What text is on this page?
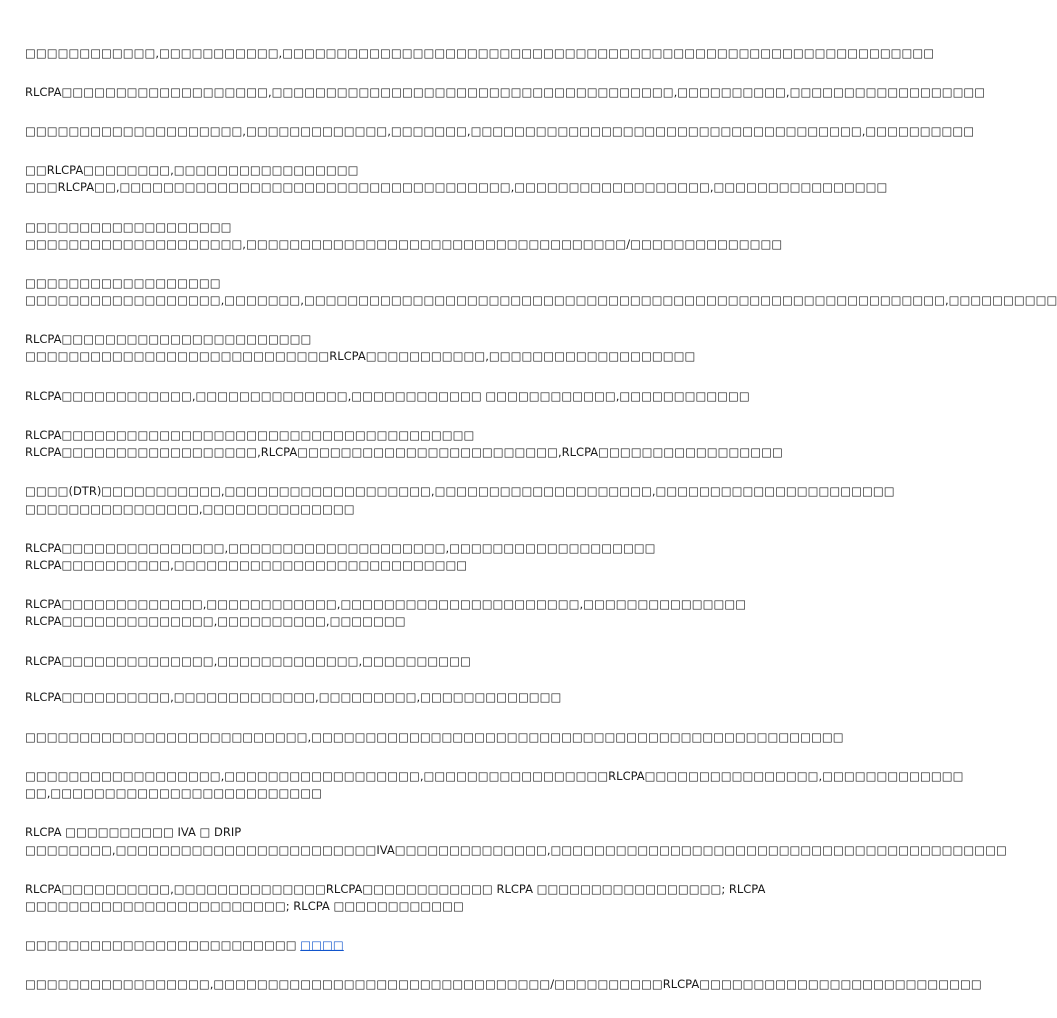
□□□□□□□□□□□□,□□□□□□□□□□□,□□□□□□□□□□□□□□□□□□□□□□□□□□□□□□□□□□□□□□□□□□□□□□□□□□□□□□□□□□□□
RLCPA□□□□□□□□□□□□□□□□□□□,□□□□□□□□□□□□□□□□□□□□□□□□□□□□□□□□□□□□□,□□□□□□□□□□,□□□□□□□□□□□□□□□□□□
□□□□□□□□□□□□□□□□□□□□,□□□□□□□□□□□□□,□□□□□□□,□□□□□□□□□□□□□□□□□□□□□□□□□□□□□□□□□□□□,□□□□□□□□□□
□□RLCPA□□□□□□□□,□□□□□□□□□□□□□□□□□
□□□RLCPA□□,□□□□□□□□□□□□□□□□□□□□□□□□□□□□□□□□□□□□,□□□□□□□□□□□□□□□□□□,□□□□□□□□□□□□□□□□
□□□□□□□□□□□□□□□□□□□
□□□□□□□□□□□□□□□□□□□□,□□□□□□□□□□□□□□□□□□□□□□□□□□□□□□□□□□□/□□□□□□□□□□□□□□
□□□□□□□□□□□□□□□□□□
□□□□□□□□□□□□□□□□□□,□□□□□□□,□□□□□□□□□□□□□□□□□□□□□□□□□□□□□□□□□□□□□□□□□□□□□□□□□□□□□□□□□□□,□□□□□□□□□□
RLCPA□□□□□□□□□□□□□□□□□□□□□□□
□□□□□□□□□□□□□□□□□□□□□□□□□□□□RLCPA□□□□□□□□□□□,□□□□□□□□□□□□□□□□□□□
RLCPA□□□□□□□□□□□□,□□□□□□□□□□□□□□,□□□□□□□□□□□□ □□□□□□□□□□□□,□□□□□□□□□□□□
RLCPA□□□□□□□□□□□□□□□□□□□□□□□□□□□□□□□□□□□□□□
RLCPA□□□□□□□□□□□□□□□□□□,RLCPA□□□□□□□□□□□□□□□□□□□□□□□□,RLCPA□□□□□□□□□□□□□□□□□
□□□□(DTR)□□□□□□□□□□□,□□□□□□□□□□□□□□□□□□□,□□□□□□□□□□□□□□□□□□□□,□□□□□□□□□□□□□□□□□□□□□□
□□□□□□□□□□□□□□□□,□□□□□□□□□□□□□□
RLCPA□□□□□□□□□□□□□□□,□□□□□□□□□□□□□□□□□□□□,□□□□□□□□□□□□□□□□□□□
RLCPA□□□□□□□□□□,□□□□□□□□□□□□□□□□□□□□□□□□□□□
RLCPA□□□□□□□□□□□□□,□□□□□□□□□□□□,□□□□□□□□□□□□□□□□□□□□□□,□□□□□□□□□□□□□□□
RLCPA□□□□□□□□□□□□□□,□□□□□□□□□□,□□□□□□□
RLCPA□□□□□□□□□□□□□□,□□□□□□□□□□□□□,□□□□□□□□□□
RLCPA□□□□□□□□□□,□□□□□□□□□□□□□,□□□□□□□□□,□□□□□□□□□□□□□
□□□□□□□□□□□□□□□□□□□□□□□□□□,□□□□□□□□□□□□□□□□□□□□□□□□□□□□□□□□□□□□□□□□□□□□□□□□□
□□□□□□□□□□□□□□□□□□,□□□□□□□□□□□□□□□□□□,□□□□□□□□□□□□□□□□□RLCPA□□□□□□□□□□□□□□□□,□□□□□□□□□□□□□
□□,□□□□□□□□□□□□□□□□□□□□□□□□□
RLCPA □□□□□□□□□□ IVA □ DRIP
□□□□□□□□,□□□□□□□□□□□□□□□□□□□□□□□□IVA□□□□□□□□□□□□□□,□□□□□□□□□□□□□□□□□□□□□□□□□□□□□□□□□□□□□□□□□□
RLCPA□□□□□□□□□□,□□□□□□□□□□□□□□RLCPA□□□□□□□□□□□□ RLCPA □□□□□□□□□□□□□□□□□; RLCPA
□□□□□□□□□□□□□□□□□□□□□□□□; RLCPA □□□□□□□□□□□□
□□□□□□□□□□□□□□□□□□□□□□□□□ □□□□
□□□□□□□□□□□□□□□□□,□□□□□□□□□□□□□□□□□□□□□□□□□□□□□□□/□□□□□□□□□□RLCPA□□□□□□□□□□□□□□□□□□□□□□□□□□
